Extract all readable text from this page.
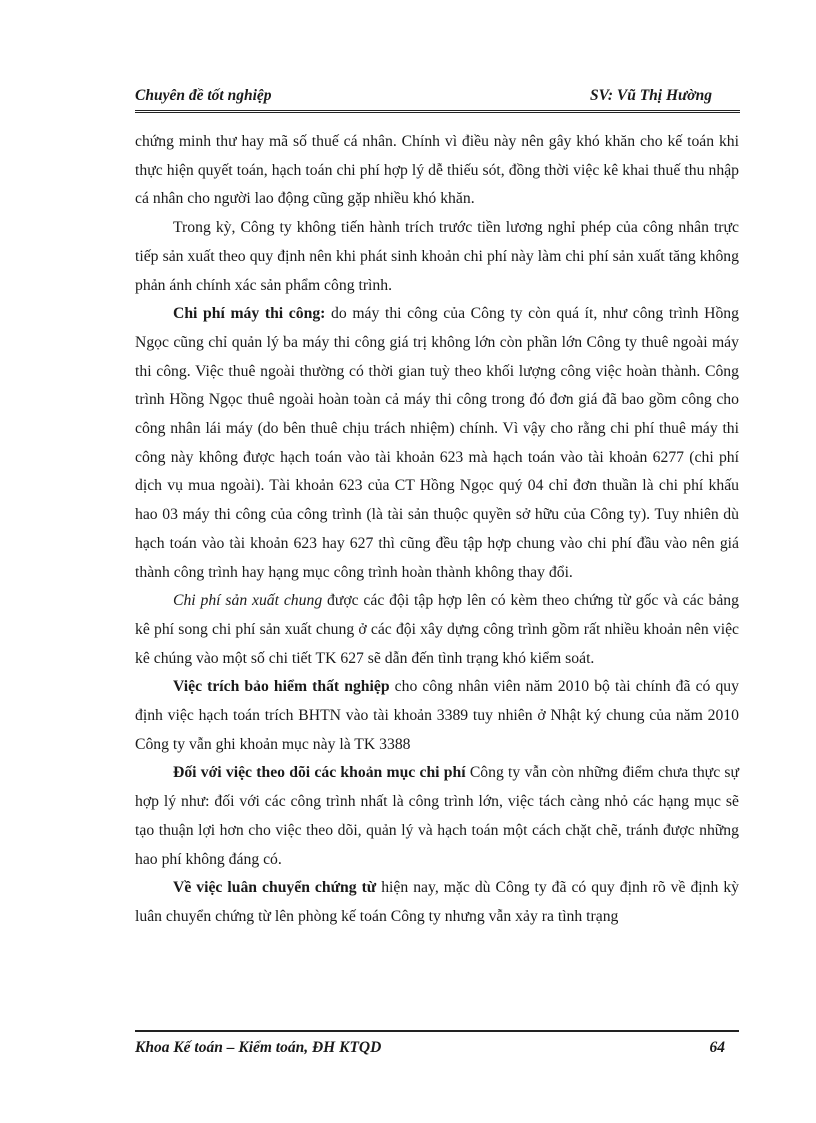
Chuyên đề tốt nghiệp	SV: Vũ Thị Hường

chứng minh thư hay mã số thuế cá nhân. Chính vì điều này nên gây khó khăn cho kế toán khi thực hiện quyết toán, hạch toán chi phí hợp lý dễ thiếu sót, đồng thời việc kê khai thuế thu nhập cá nhân cho người lao động cũng gặp nhiều khó khăn.

Trong kỳ, Công ty không tiến hành trích trước tiền lương nghỉ phép của công nhân trực tiếp sản xuất theo quy định nên khi phát sinh khoản chi phí này làm chi phí sản xuất tăng không phản ánh chính xác sản phẩm công trình.

Chi phí máy thi công: do máy thi công của Công ty còn quá ít, như công trình Hồng Ngọc cũng chỉ quản lý ba máy thi công giá trị không lớn còn phần lớn Công ty thuê ngoài máy thi công. Việc thuê ngoài thường có thời gian tuỳ theo khối lượng công việc hoàn thành. Công trình Hồng Ngọc thuê ngoài hoàn toàn cả máy thi công trong đó đơn giá đã bao gồm công cho công nhân lái máy (do bên thuê chịu trách nhiệm) chính. Vì vậy cho rằng chi phí thuê máy thi công này không được hạch toán vào tài khoản 623 mà hạch toán vào tài khoản 6277 (chi phí dịch vụ mua ngoài). Tài khoản 623 của CT Hồng Ngọc quý 04 chỉ đơn thuần là chi phí khấu hao 03 máy thi công của công trình (là tài sản thuộc quyền sở hữu của Công ty). Tuy nhiên dù hạch toán vào tài khoản 623 hay 627 thì cũng đều tập hợp chung vào chi phí đầu vào nên giá thành công trình hay hạng mục công trình hoàn thành không thay đổi.

Chi phí sản xuất chung được các đội tập hợp lên có kèm theo chứng từ gốc và các bảng kê phí song chi phí sản xuất chung ở các đội xây dựng công trình gồm rất nhiều khoản nên việc kê chúng vào một số chi tiết TK 627 sẽ dẫn đến tình trạng khó kiểm soát.

Việc trích bảo hiểm thất nghiệp cho công nhân viên năm 2010 bộ tài chính đã có quy định việc hạch toán trích BHTN vào tài khoản 3389 tuy nhiên ở Nhật ký chung của năm 2010 Công ty vẫn ghi khoản mục này là TK 3388

Đối với việc theo dõi các khoản mục chi phí Công ty vẫn còn những điểm chưa thực sự hợp lý như: đối với các công trình nhất là công trình lớn, việc tách càng nhỏ các hạng mục sẽ tạo thuận lợi hơn cho việc theo dõi, quản lý và hạch toán một cách chặt chẽ, tránh được những hao phí không đáng có.

Về việc luân chuyển chứng từ hiện nay, mặc dù Công ty đã có quy định rõ về định kỳ luân chuyển chứng từ lên phòng kế toán Công ty nhưng vẫn xảy ra tình trạng

Khoa Kế toán – Kiểm toán, ĐH KTQD	64
